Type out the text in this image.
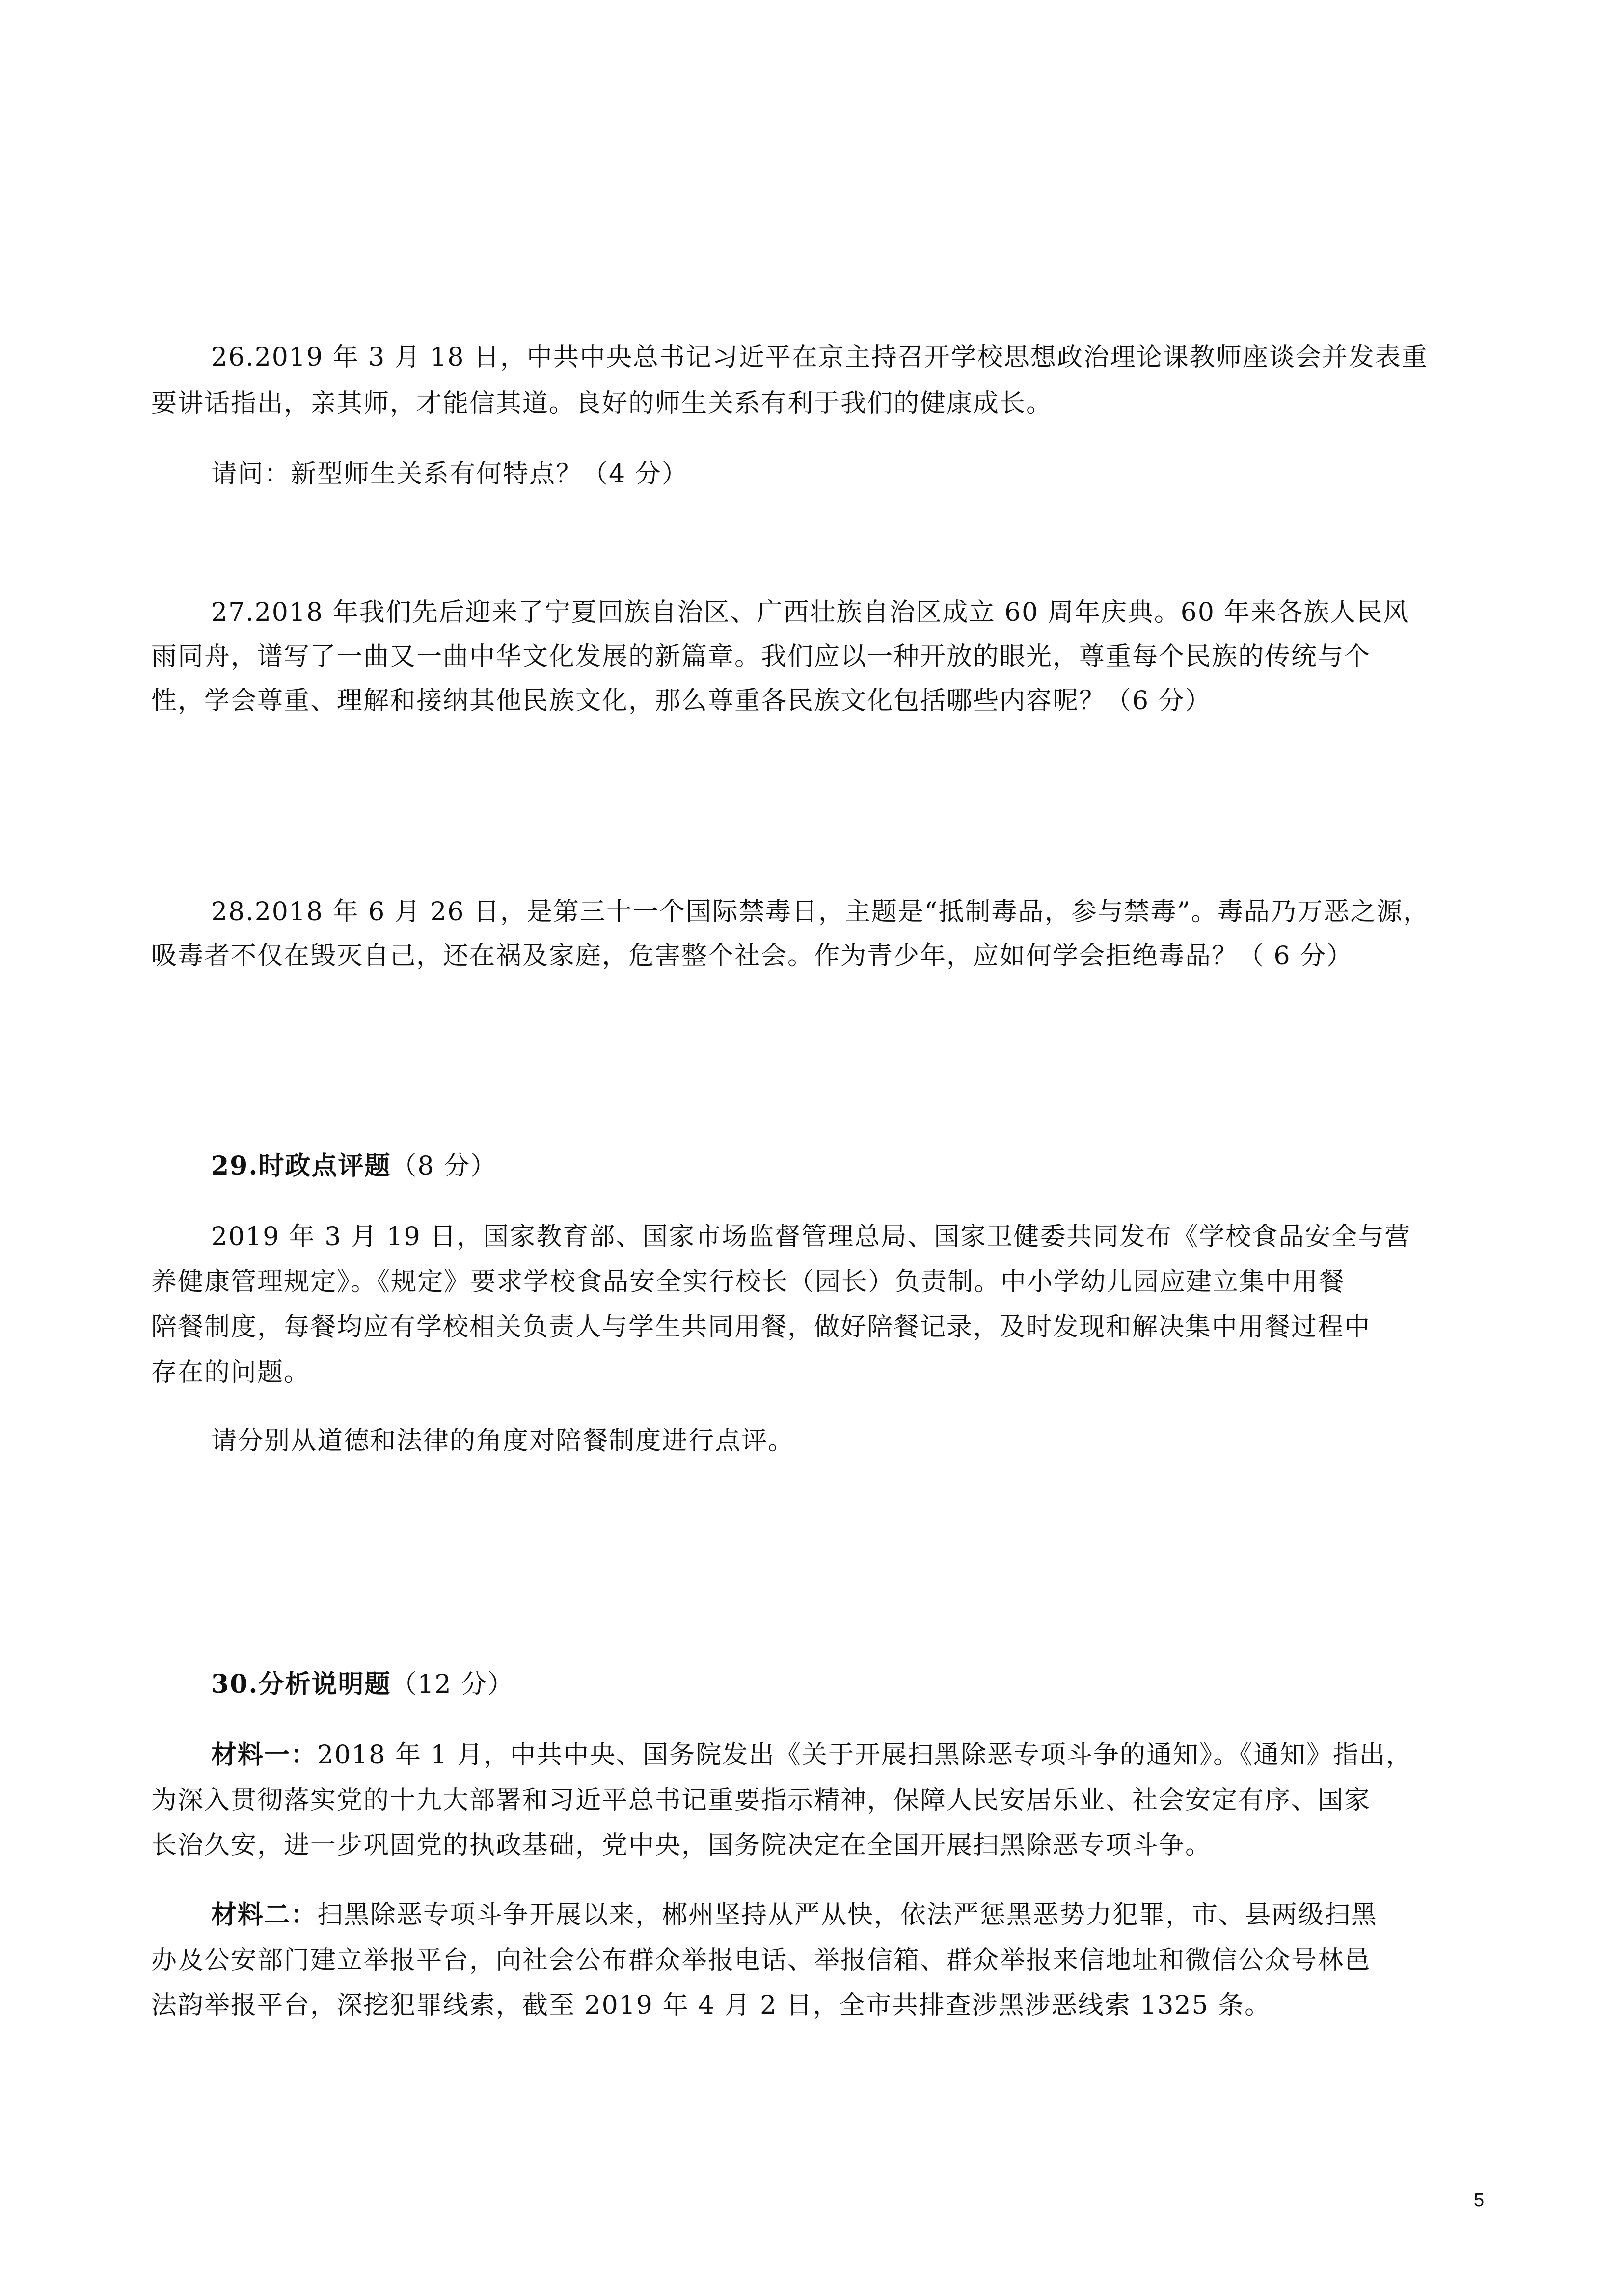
26.2019 年 3 月 18 日，中共中央总书记习近平在京主持召开学校思想政治理论课教师座谈会并发表重
要讲话指出，亲其师，才能信其道。良好的师生关系有利于我们的健康成长。
请问：新型师生关系有何特点？（4 分）
27.2018 年我们先后迎来了宁夏回族自治区、广西壮族自治区成立 60 周年庆典。60 年来各族人民风
雨同舟，谱写了一曲又一曲中华文化发展的新篇章。我们应以一种开放的眼光，尊重每个民族的传统与个
性，学会尊重、理解和接纳其他民族文化，那么尊重各民族文化包括哪些内容呢？（6 分）
28.2018 年 6 月 26 日，是第三十一个国际禁毒日，主题是“抵制毒品，参与禁毒”。毒品乃万恶之源，
吸毒者不仅在毁灭自己，还在祸及家庭，危害整个社会。作为青少年，应如何学会拒绝毒品？（ 6 分）
29.时政点评题（8 分）
2019 年 3 月 19 日，国家教育部、国家市场监督管理总局、国家卫健委共同发布《学校食品安全与营
养健康管理规定》。《规定》要求学校食品安全实行校长（园长）负责制。中小学幼儿园应建立集中用餐
陪餐制度，每餐均应有学校相关负责人与学生共同用餐，做好陪餐记录，及时发现和解决集中用餐过程中
存在的问题。
请分别从道德和法律的角度对陪餐制度进行点评。
30.分析说明题（12 分）
材料一：2018 年 1 月，中共中央、国务院发出《关于开展扫黑除恶专项斗争的通知》。《通知》指出，
为深入贯彻落实党的十九大部署和习近平总书记重要指示精神，保障人民安居乐业、社会安定有序、国家
长治久安，进一步巩固党的执政基础，党中央，国务院决定在全国开展扫黑除恶专项斗争。
材料二：扫黑除恶专项斗争开展以来，郴州坚持从严从快，依法严惩黑恶势力犯罪，市、县两级扫黑
办及公安部门建立举报平台，向社会公布群众举报电话、举报信箱、群众举报来信地址和微信公众号林邑
法韵举报平台，深挖犯罪线索，截至 2019 年 4 月 2 日，全市共排查涉黑涉恶线索 1325 条。
5
